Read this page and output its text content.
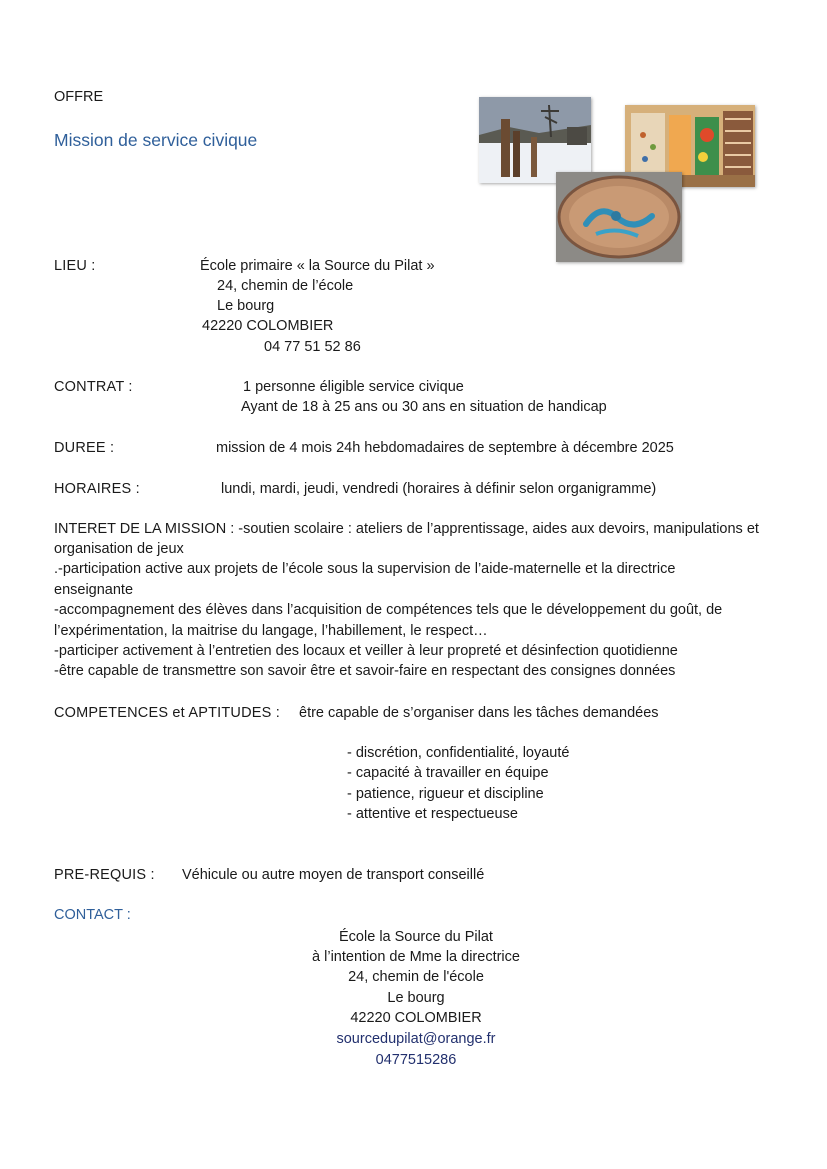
OFFRE
Mission de service civique
LIEU :	École primaire « la Source du Pilat »
24, chemin de l’école
Le bourg
42220 COLOMBIER
04 77 51 52 86
CONTRAT :	1 personne éligible service civique
Ayant de 18 à 25 ans ou 30 ans en situation de handicap
DUREE :	mission de 4 mois 24h hebdomadaires de septembre à décembre 2025
HORAIRES :	lundi, mardi, jeudi, vendredi (horaires à définir selon organigramme)
INTERET DE LA MISSION : -soutien scolaire : ateliers de l’apprentissage, aides aux devoirs, manipulations et
organisation de jeux
.-participation active aux projets de l’école sous la supervision de l’aide-maternelle et la directrice
enseignante
-accompagnement des élèves dans l’acquisition de compétences tels que le développement du goût, de
l’expérimentation, la maitrise du langage, l’habillement, le respect…
-participer activement à l’entretien des locaux et veiller à leur propreté et désinfection quotidienne
-être capable de transmettre son savoir être et savoir-faire en respectant des consignes données
COMPETENCES et APTITUDES : être capable de s’organiser dans les tâches demandées
- discrétion, confidentialité, loyauté
- capacité à travailler en équipe
- patience, rigueur et discipline
- attentive et respectueuse
PRE-REQUIS : Véhicule ou autre moyen de transport conseillé
CONTACT :
École la Source du Pilat
à l’intention de Mme la directrice
24, chemin de l'école
Le bourg
42220 COLOMBIER
sourcedupilat@orange.fr
0477515286
